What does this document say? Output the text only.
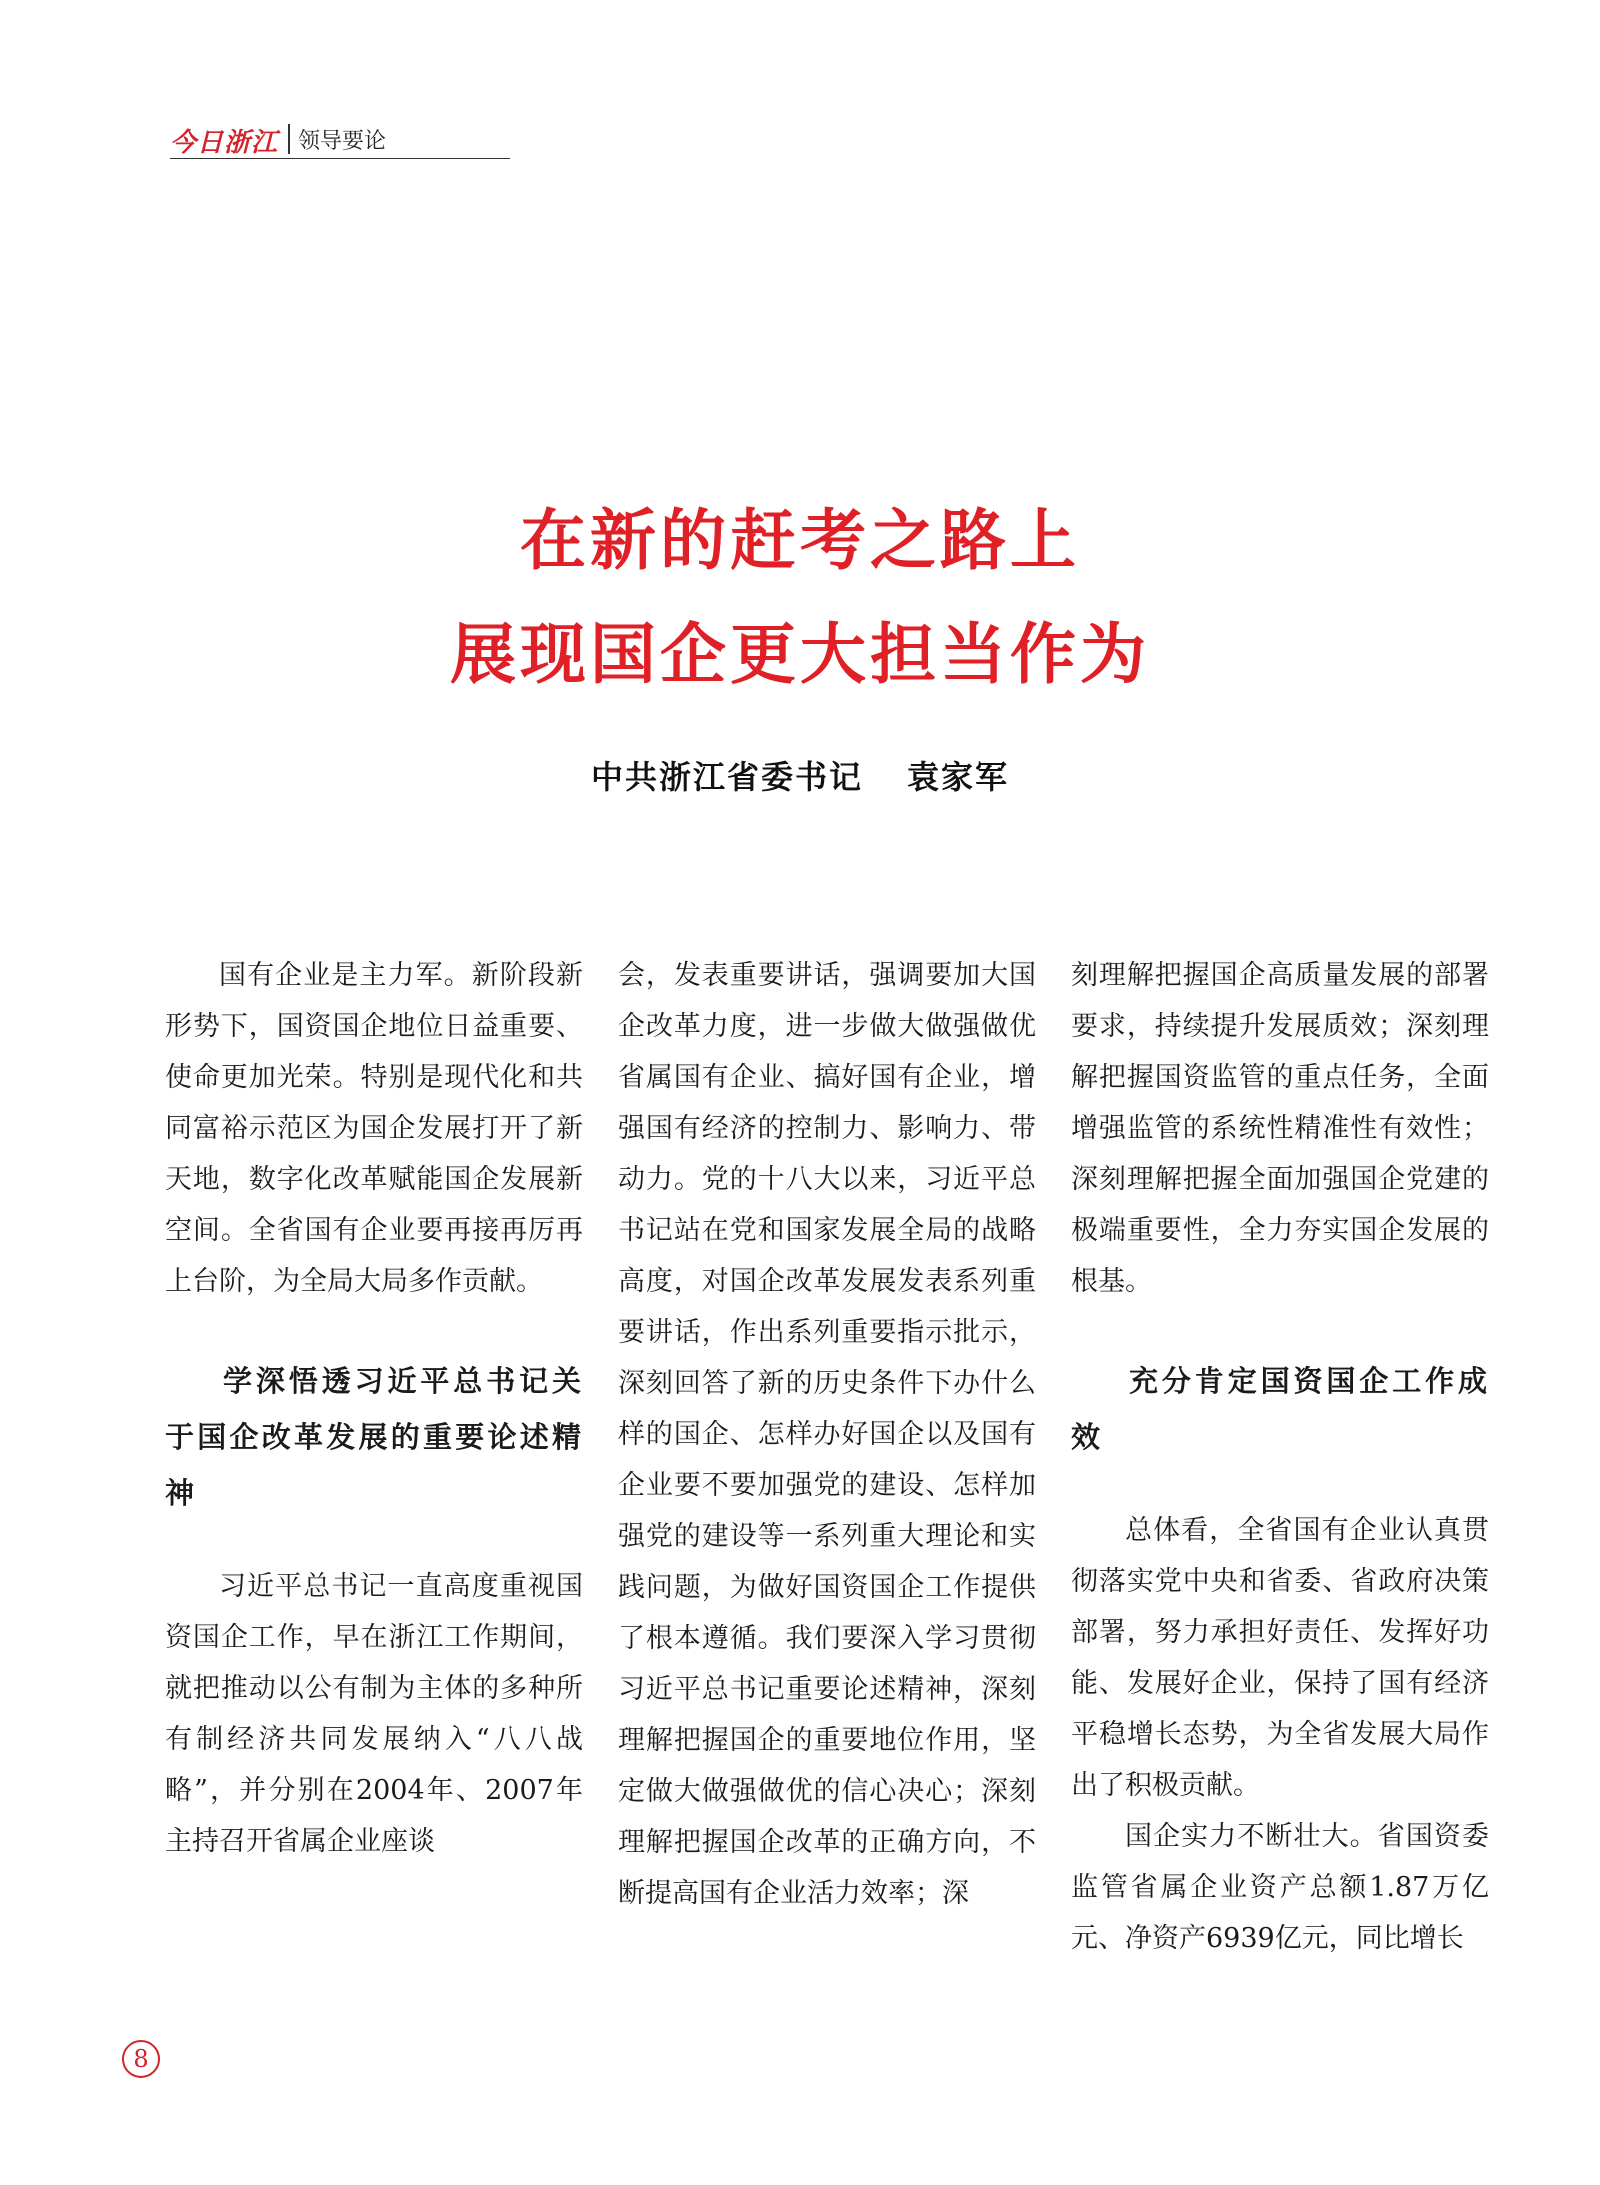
今日浙江 领导要论
在新的赶考之路上
展现国企更大担当作为
中共浙江省委书记 袁家军

国有企业是主力军。新阶段新形势下，国资国企地位日益重要、使命更加光荣。特别是现代化和共同富裕示范区为国企发展打开了新天地，数字化改革赋能国企发展新空间。全省国有企业要再接再厉再上台阶，为全局大局多作贡献。

学深悟透习近平总书记关于国企改革发展的重要论述精神

习近平总书记一直高度重视国资国企工作，早在浙江工作期间，就把推动以公有制为主体的多种所有制经济共同发展纳入“八八战略”，并分别在2004年、2007年主持召开省属企业座谈

会，发表重要讲话，强调要加大国企改革力度，进一步做大做强做优省属国有企业、搞好国有企业，增强国有经济的控制力、影响力、带动力。党的十八大以来，习近平总书记站在党和国家发展全局的战略高度，对国企改革发展发表系列重要讲话，作出系列重要指示批示，深刻回答了新的历史条件下办什么样的国企、怎样办好国企以及国有企业要不要加强党的建设、怎样加强党的建设等一系列重大理论和实践问题，为做好国资国企工作提供了根本遵循。我们要深入学习贯彻习近平总书记重要论述精神，深刻理解把握国企的重要地位作用，坚定做大做强做优的信心决心；深刻理解把握国企改革的正确方向，不断提高国有企业活力效率；深

刻理解把握国企高质量发展的部署要求，持续提升发展质效；深刻理解把握国资监管的重点任务，全面增强监管的系统性精准性有效性；深刻理解把握全面加强国企党建的极端重要性，全力夯实国企发展的根基。

充分肯定国资国企工作成效

总体看，全省国有企业认真贯彻落实党中央和省委、省政府决策部署，努力承担好责任、发挥好功能、发展好企业，保持了国有经济平稳增长态势，为全省发展大局作出了积极贡献。

国企实力不断壮大。省国资委监管省属企业资产总额1.87万亿元、净资产6939亿元，同比增长

8
